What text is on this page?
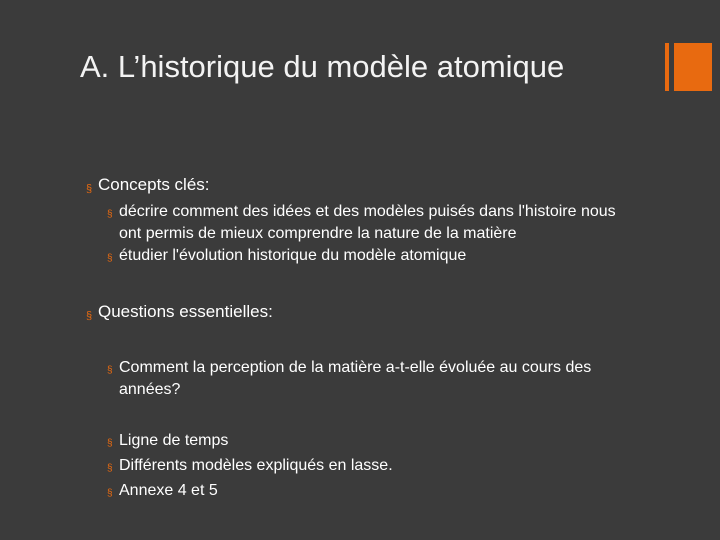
A. L’historique du modèle atomique
§ Concepts clés:
§ décrire comment des idées et des modèles puisés dans l'histoire nous ont permis de mieux comprendre la nature de la matière
§ étudier l'évolution historique du modèle atomique
§ Questions essentielles:
§ Comment la perception de la matière a-t-elle évoluée au cours des années?
§ Ligne de temps
§ Différents modèles expliqués en lasse.
§ Annexe 4 et 5
